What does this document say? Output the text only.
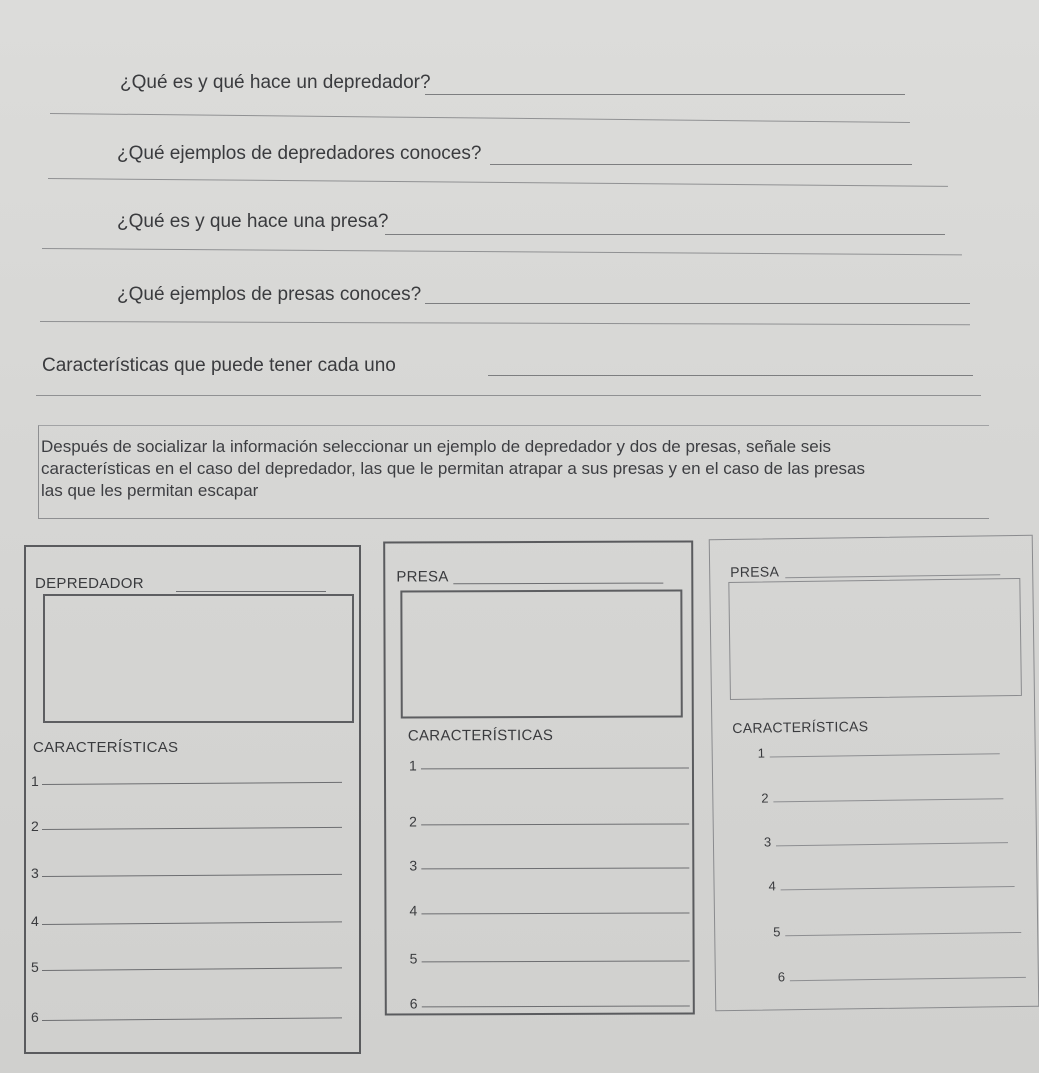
¿Qué es y qué hace un depredador?
¿Qué ejemplos de depredadores conoces?
¿Qué es y que hace una presa?
¿Qué ejemplos de presas conoces?
Características que puede tener cada uno

Después de socializar la información seleccionar un ejemplo de depredador y dos de presas, señale seis
características en el caso del depredador, las que le permitan atrapar a sus presas y en el caso de las presas
las que les permitan escapar

DEPREDADOR
CARACTERÍSTICAS
1
2
3
4
5
6
PRESA
CARACTERÍSTICAS
1
2
3
4
5
6
PRESA
CARACTERÍSTICAS
1
2
3
4
5
6
